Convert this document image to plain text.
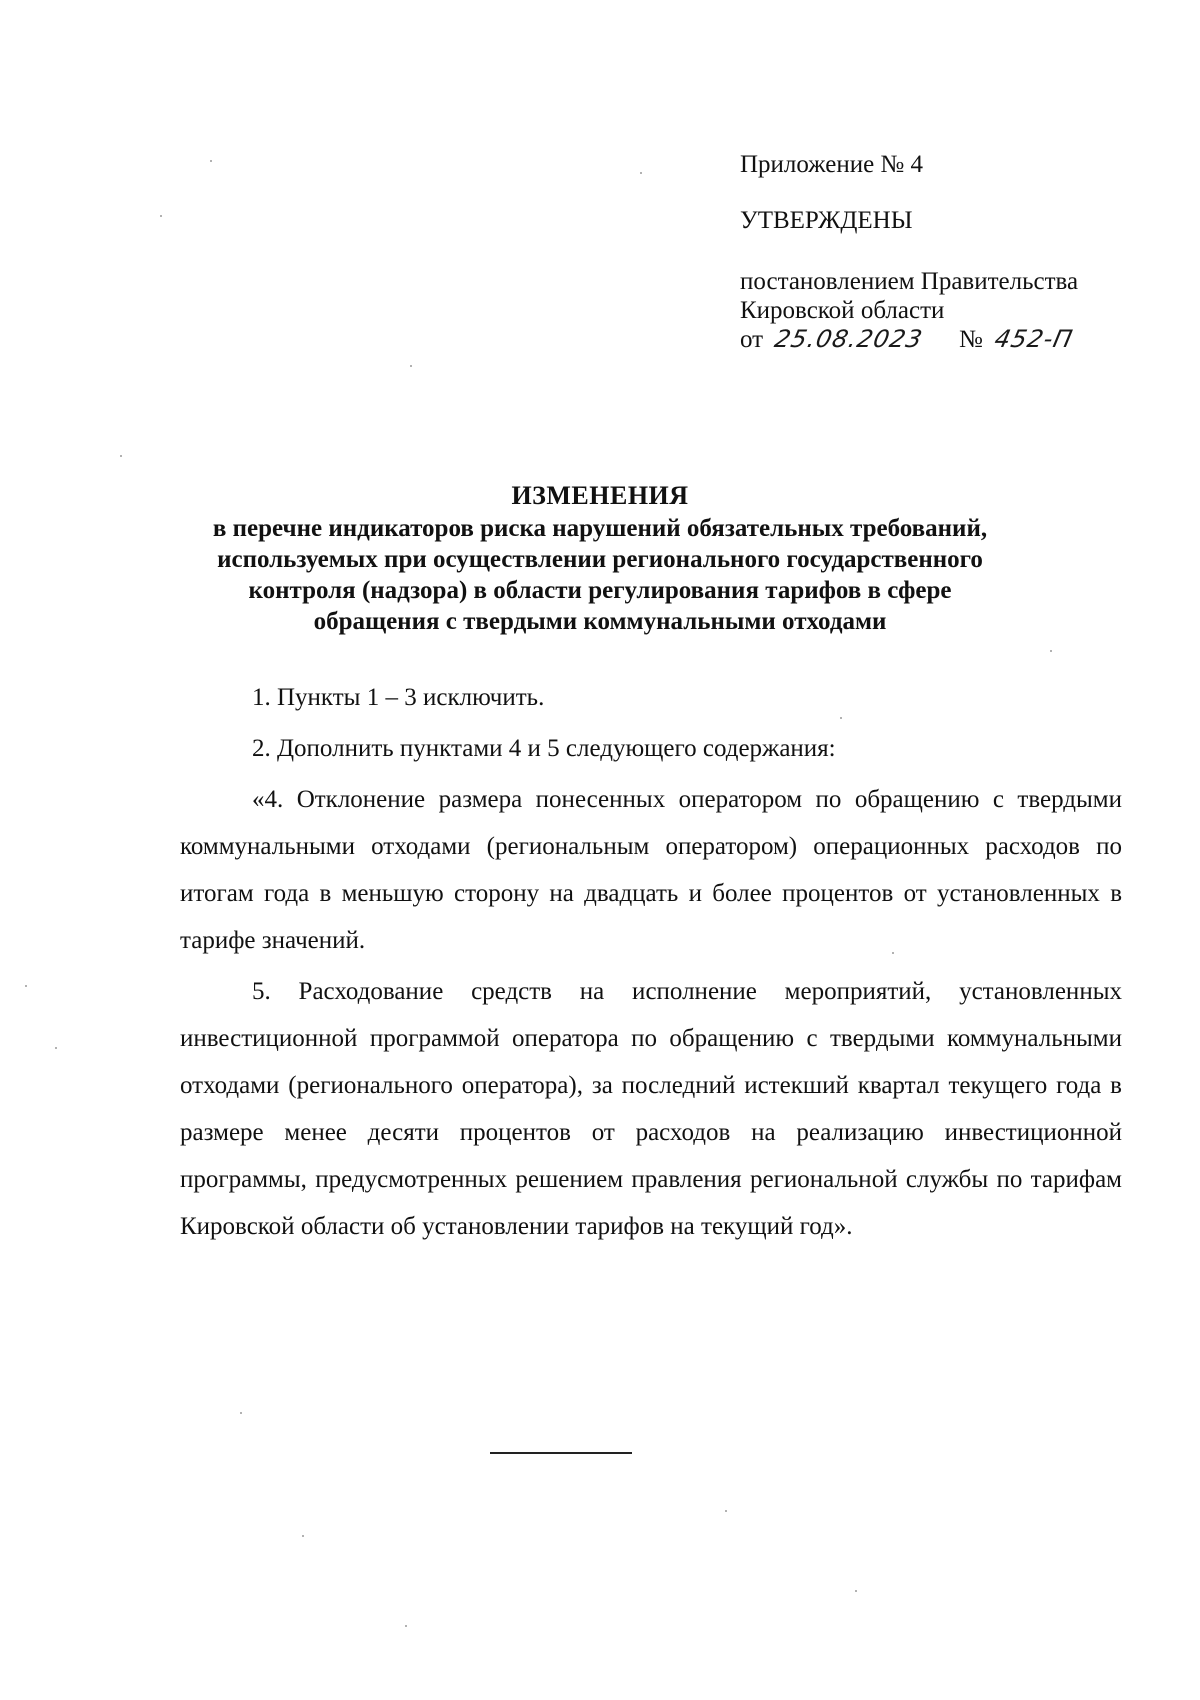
Приложение № 4

УТВЕРЖДЕНЫ

постановлением Правительства

Кировской области

от 25.08.2023 № 452-П

ИЗМЕНЕНИЯ
в перечне индикаторов риска нарушений обязательных требований,
используемых при осуществлении регионального государственного
контроля (надзора) в области регулирования тарифов в сфере
обращения с твердыми коммунальными отходами

1. Пункты 1 – 3 исключить.

2. Дополнить пунктами 4 и 5 следующего содержания:

«4. Отклонение размера понесенных оператором по обращению с твердыми коммунальными отходами (региональным оператором) операционных расходов по итогам года в меньшую сторону на двадцать и более процентов от установленных в тарифе значений.

5. Расходование средств на исполнение мероприятий, установленных инвестиционной программой оператора по обращению с твердыми коммунальными отходами (регионального оператора), за последний истекший квартал текущего года в размере менее десяти процентов от расходов на реализацию инвестиционной программы, предусмотренных решением правления региональной службы по тарифам Кировской области об установлении тарифов на текущий год».
